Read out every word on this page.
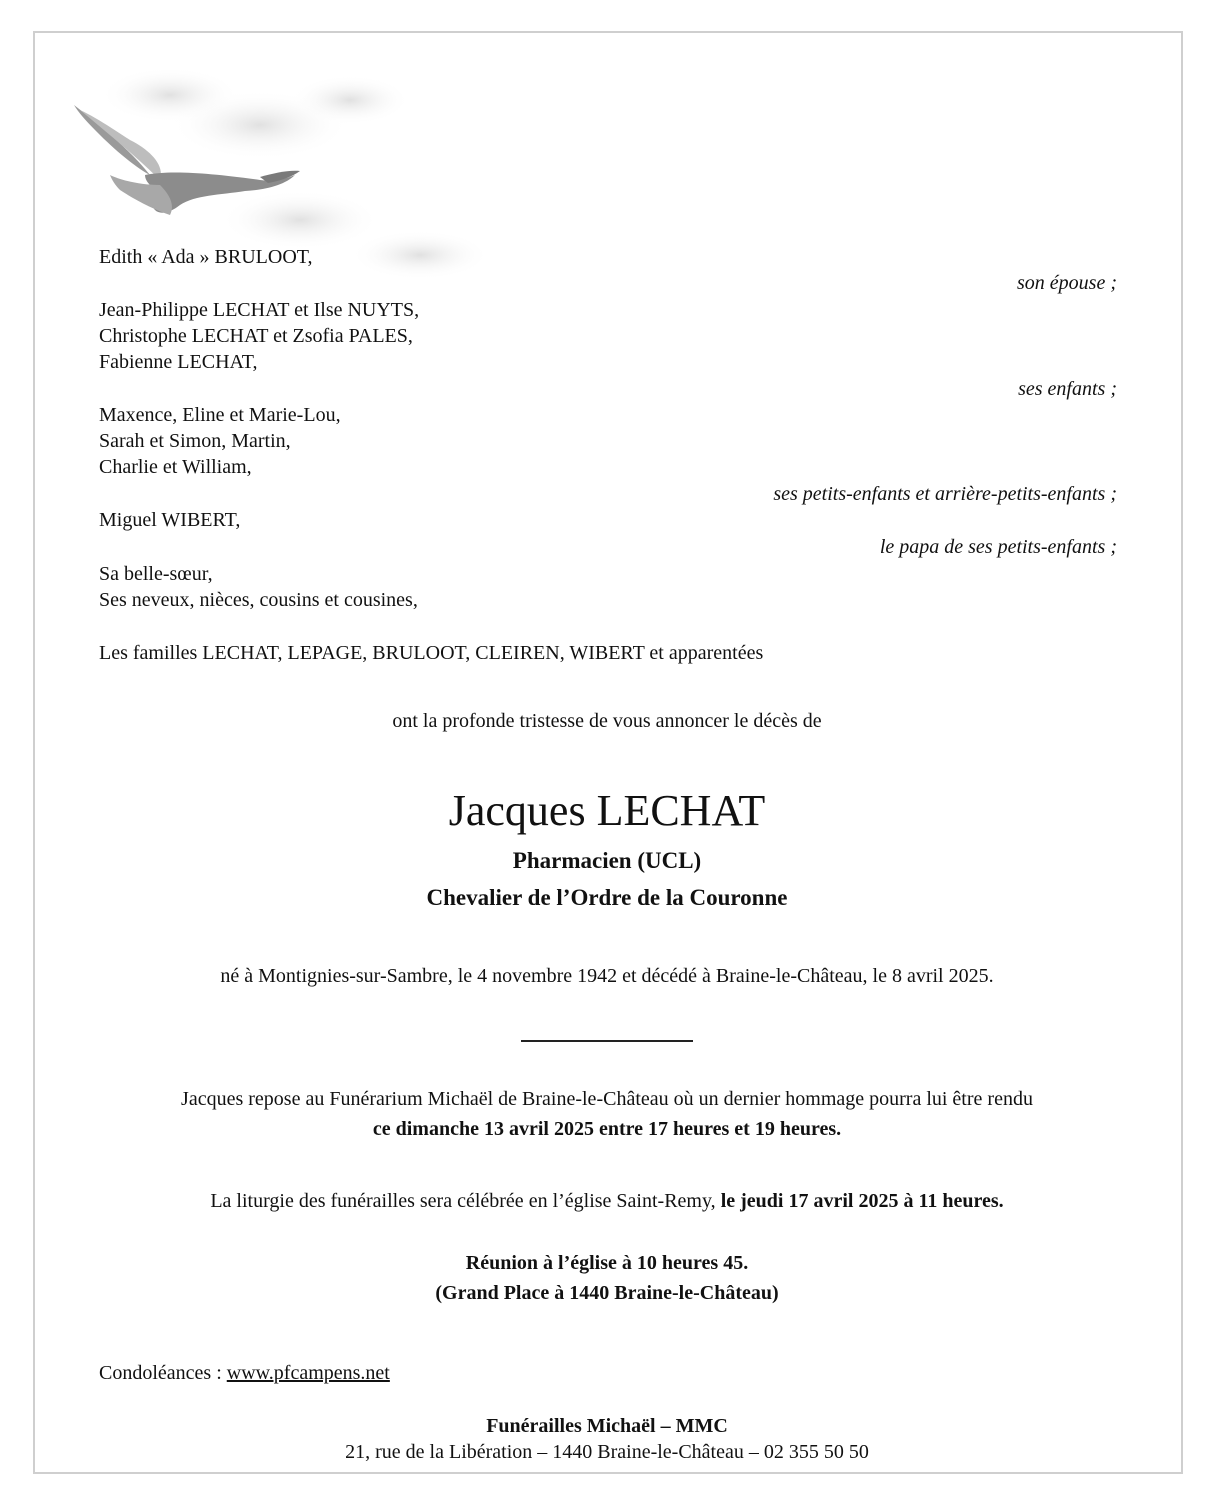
Edith « Ada » BRULOOT,

son épouse ;

Jean-Philippe LECHAT et Ilse NUYTS,

Christophe LECHAT et Zsofia PALES,

Fabienne LECHAT,

ses enfants ;

Maxence, Eline et Marie-Lou,

Sarah et Simon, Martin,

Charlie et William,

ses petits-enfants et arrière-petits-enfants ;

Miguel WIBERT,

le papa de ses petits-enfants ;

Sa belle-sœur,

Ses neveux, nièces, cousins et cousines,

Les familles LECHAT, LEPAGE, BRULOOT, CLEIREN, WIBERT et apparentées

ont la profonde tristesse de vous annoncer le décès de

Jacques LECHAT

Pharmacien (UCL)

Chevalier de l’Ordre de la Couronne

né à Montignies-sur-Sambre, le 4 novembre 1942 et décédé à Braine-le-Château, le 8 avril 2025.

Jacques repose au Funérarium Michaël de Braine-le-Château où un dernier hommage pourra lui être rendu

ce dimanche 13 avril 2025 entre 17 heures et 19 heures.

La liturgie des funérailles sera célébrée en l’église Saint-Remy, le jeudi 17 avril 2025 à 11 heures.

Réunion à l’église à 10 heures 45.

(Grand Place à 1440 Braine-le-Château)

Condoléances : www.pfcampens.net

Funérailles Michaël – MMC

21, rue de la Libération – 1440 Braine-le-Château – 02 355 50 50
